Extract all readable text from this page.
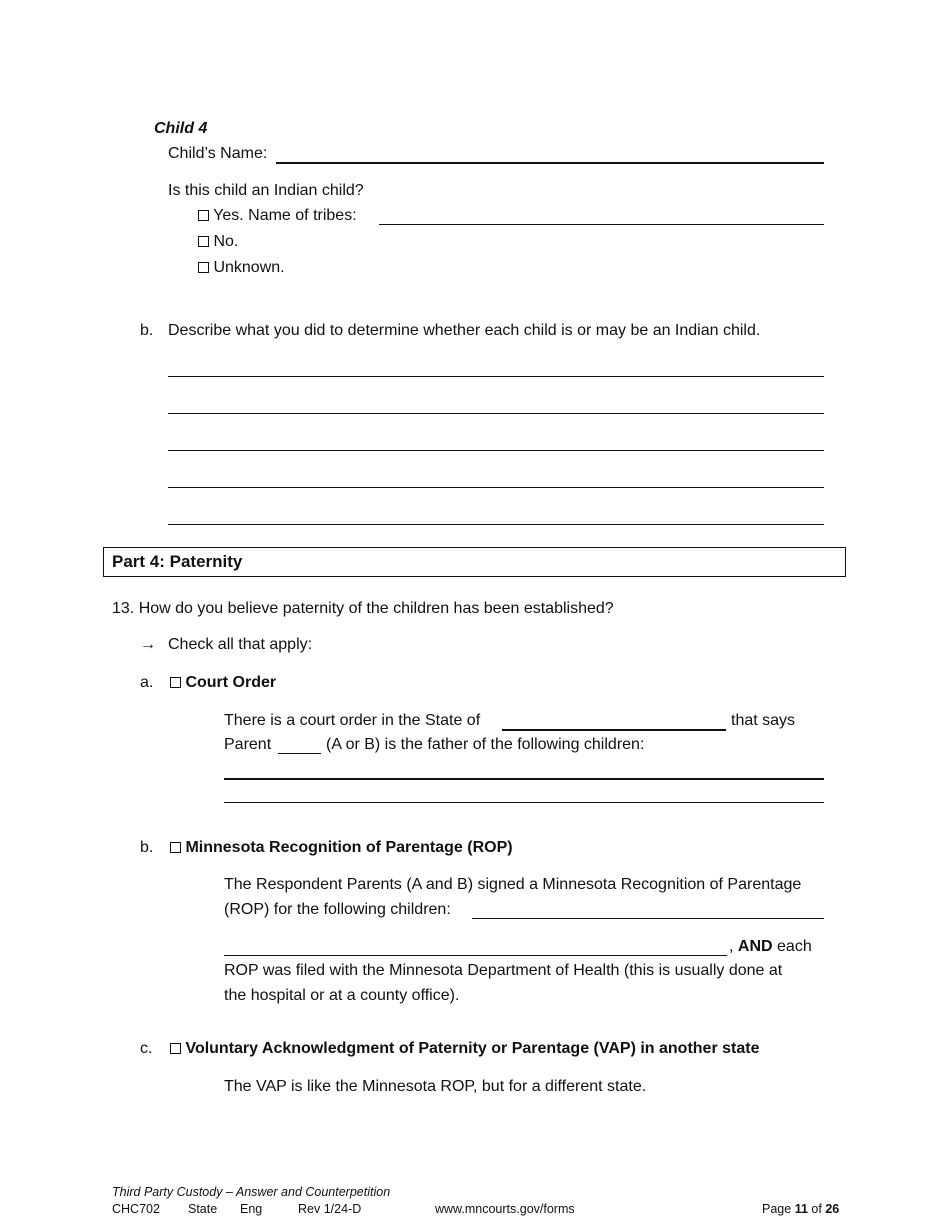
Child 4
Child’s Name:
Is this child an Indian child?
Yes. Name of tribes:
No.
Unknown.
b. Describe what you did to determine whether each child is or may be an Indian child.
Part 4: Paternity
13. How do you believe paternity of the children has been established?
→ Check all that apply:
a.	Court Order
There is a court order in the State of	that says
Parent	(A or B) is the father of the following children:
b.	Minnesota Recognition of Parentage (ROP)
The Respondent Parents (A and B) signed a Minnesota Recognition of Parentage
(ROP) for the following children:
, AND each
ROP was filed with the Minnesota Department of Health (this is usually done at
the hospital or at a county office).
c.	Voluntary Acknowledgment of Paternity or Parentage (VAP) in another state
The VAP is like the Minnesota ROP, but for a different state.
Third Party Custody – Answer and Counterpetition
CHC702 State Eng	Rev 1/24-D	www.mncourts.gov/forms	Page 11 of 26
